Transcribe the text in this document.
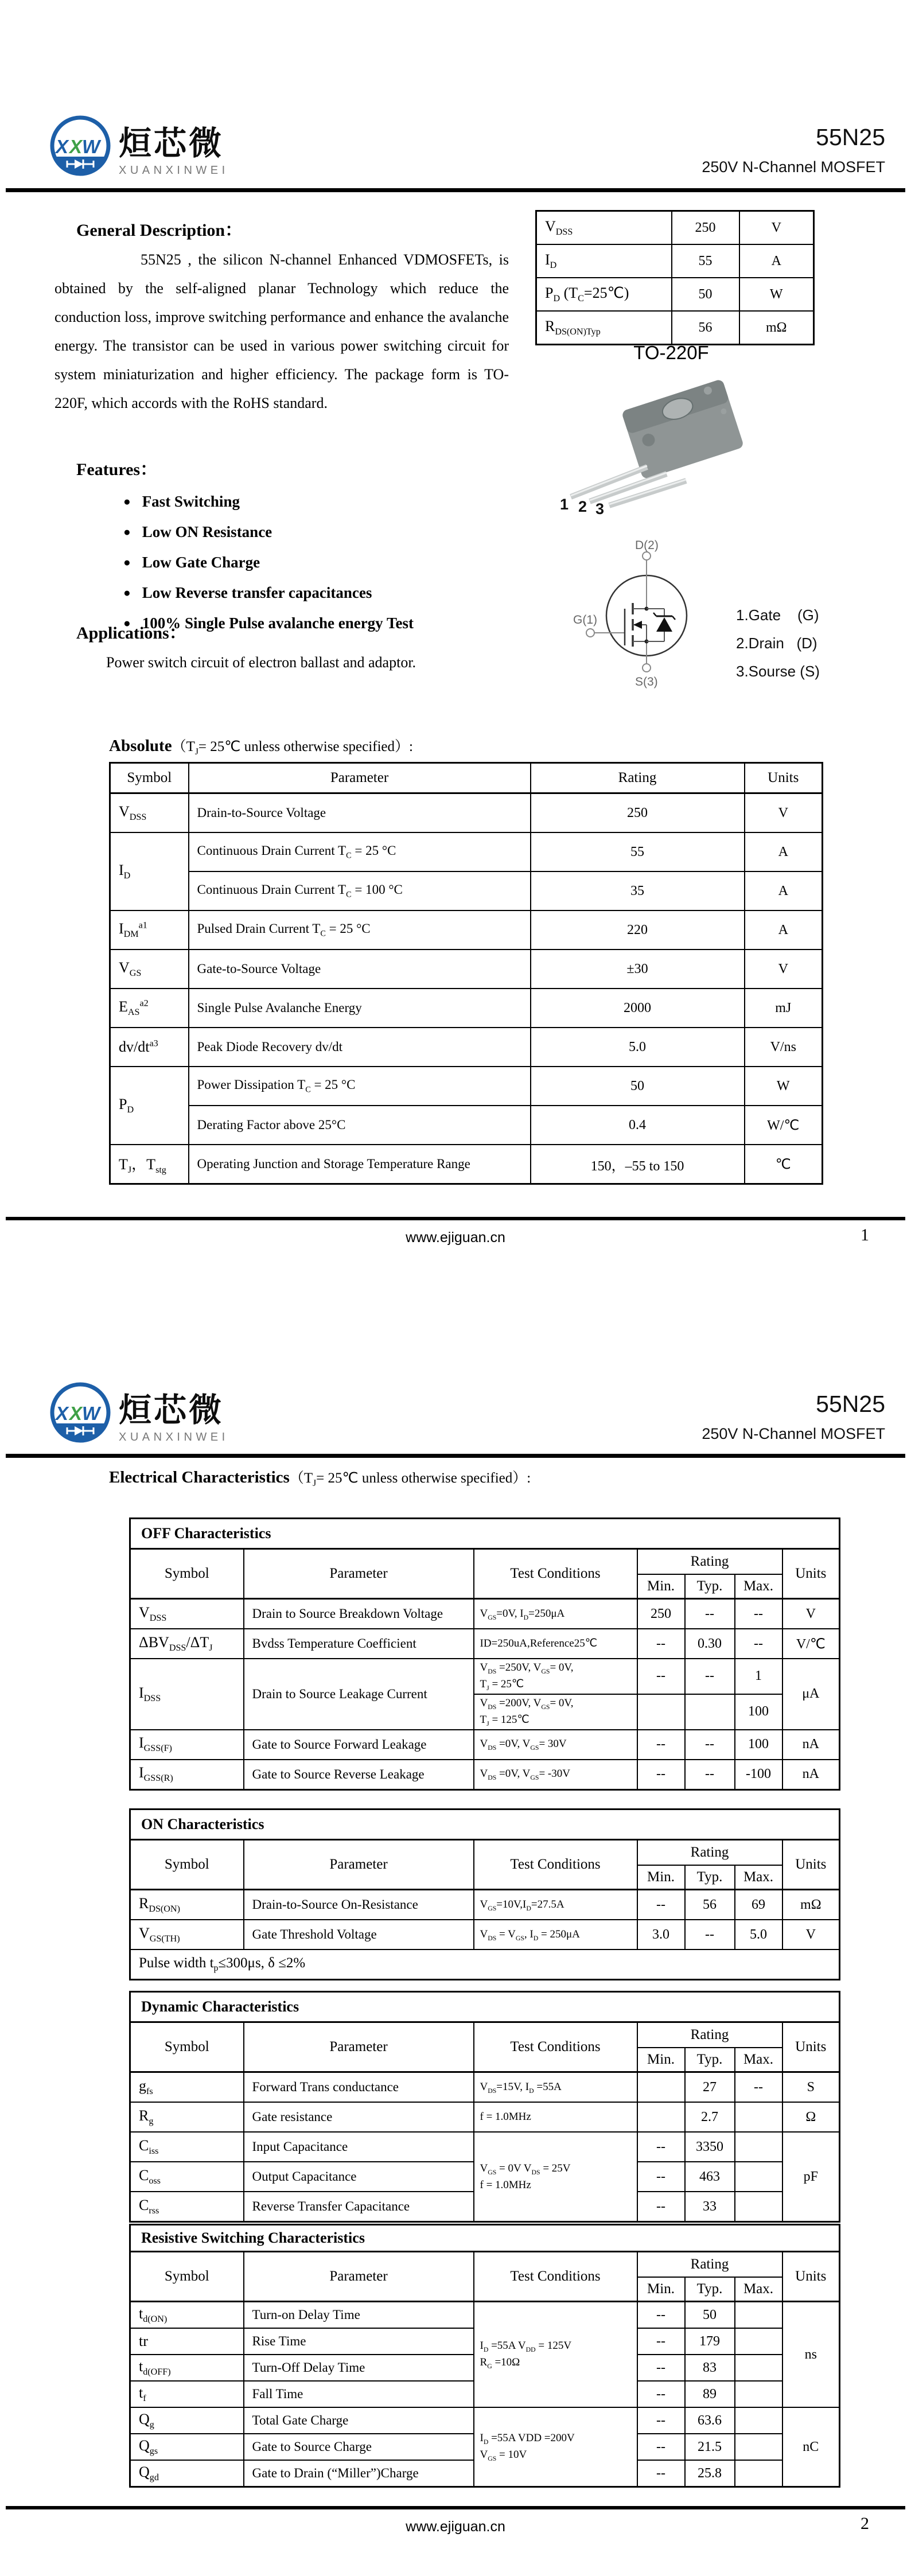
X X W 烜芯微
XUANXINWEI
55N25
250V N-Channel MOSFET
General Description：
55N25 , the silicon N-channel Enhanced VDMOSFETs, is obtained by the self-aligned planar Technology which reduce the conduction loss, improve switching performance and enhance the avalanche energy. The transistor can be used in various power switching circuit for system miniaturization and higher efficiency. The package form is TO-220F, which accords with the RoHS standard.
Features：
● Fast Switching
● Low ON Resistance
● Low Gate Charge
● Low Reverse transfer capacitances
● 100% Single Pulse avalanche energy Test
Applications：
Power switch circuit of electron ballast and adaptor.
$V_{DSS}$	250	V
$I_D$	55	A
$P_D$ $(T_C=25℃)$	50	W
$R_{DS(ON)Typ}$	56	mΩ
TO-220F
1 2 3
D(2)
G(1)
S(3)
1.Gate    (G)
2.Drain   (D)
3.Sourse (S)
$Absolute(T_J=$ 25℃ unless otherwise specified）:
Symbol	Parameter	Rating	Units
$V_{DSS}$	Drain-to-Source Voltage	250	V
$I_D$	Continuous Drain Current $T_C = 25$ °C	55	A
	Continuous Drain Current $T_C = 100$ °C	35	A
$I_{DM}^{a1}$	Pulsed Drain Current $T_C = 25$ °C	220	A
$V_{GS}$	Gate-to-Source Voltage	±30	V
$E_{AS}^{a2}$	Single Pulse Avalanche Energy	2000	mJ
$dv/dt^{a3}$	Peak Diode Recovery dv/dt	5.0	V/ns
$P_D$	Power Dissipation $T_C = 25$ °C	50	W
	Derating Factor above 25°C	0.4	W/℃
$T_J$，$T_{stg}$	Operating Junction and Storage Temperature Range	150，–55 to 150	℃
www.ejiguan.cn	1
X X W 烜芯微
XUANXINWEI
55N25
250V N-Channel MOSFET
Electrical $Characteristics(T_J=$ 25℃ unless otherwise specified）:
OFF Characteristics						
Symbol	Parameter	Test Conditions	Rating			Units
			Min.	Typ.	Max.	
$V_{DSS}$	Drain to Source Breakdown Voltage	$V_{GS}=0V$, $I_D=250\mu A$	250	--	--	V
$\Delta BV_{DSS}/\Delta T_J$	Bvdss Temperature Coefficient	ID=250uA,Reference25℃	--	0.30	--	V/℃
$I_{DSS}$	Drain to Source Leakage Current	$V_{DS} =250V$, $V_{GS}= 0V$,
$T_J$ = 25℃	--	--	1	μA
		$V_{DS} =200V$, $V_{GS}= 0V$,
$T_J$ = 125℃			100	
$I_{GSS(F)}$	Gate to Source Forward Leakage	$V_{DS} =0V$, $V_{GS}= 30V$	--	--	100	nA
$I_{GSS(R)}$	Gate to Source Reverse Leakage	$V_{DS} =0V$, $V_{GS}= -30V$	--	--	-100	nA
ON Characteristics						
Symbol	Parameter	Test Conditions	Rating			Units
			Min.	Typ.	Max.	
$R_{DS(ON)}$	Drain-to-Source On-Resistance	$V_{GS}=10V,I_D=27.5A$	--	56	69	mΩ
$V_{GS(TH)}$	Gate Threshold Voltage	$V_{DS} = V_{GS}$, $I_D = 250\mu A$	3.0	--	5.0	V
Pulse width $t_p\le 300\mu s$, δ ≤2%						
Dynamic Characteristics						
Symbol	Parameter	Test Conditions	Rating			Units
			Min.	Typ.	Max.	
$g_{fs}$	Forward Trans conductance	$V_{DS}=15V$, $I_D =55A$		27	--	S
$R_g$	Gate resistance	f = 1.0MHz		2.7		Ω
$C_{iss}$	Input Capacitance	$V_{GS} = 0V$ $V_{DS} = 25V$
f = 1.0MHz	--	3350		pF
$C_{oss}$	Output Capacitance		--	463		
$C_{rss}$	Reverse Transfer Capacitance		--	33		
Resistive Switching Characteristics						
Symbol	Parameter	Test Conditions	Rating			Units
			Min.	Typ.	Max.	
$t_{d(ON)}$	Turn-on Delay Time	$I_D =55A$ $V_{DD} = 125V$
$R_G =10\Omega$	--	50		ns
tr	Rise Time		--	179		
$t_{d(OFF)}$	Turn-Off Delay Time		--	83		
$t_f$	Fall Time		--	89		
$Q_g$	Total Gate Charge	$I_D =55A$ VDD =200V
$V_{GS} = 10V$	--	63.6		nC
$Q_{gs}$	Gate to Source Charge		--	21.5		
$Q_{gd}$	Gate to Drain (“Miller”)Charge		--	25.8		
www.ejiguan.cn	2
